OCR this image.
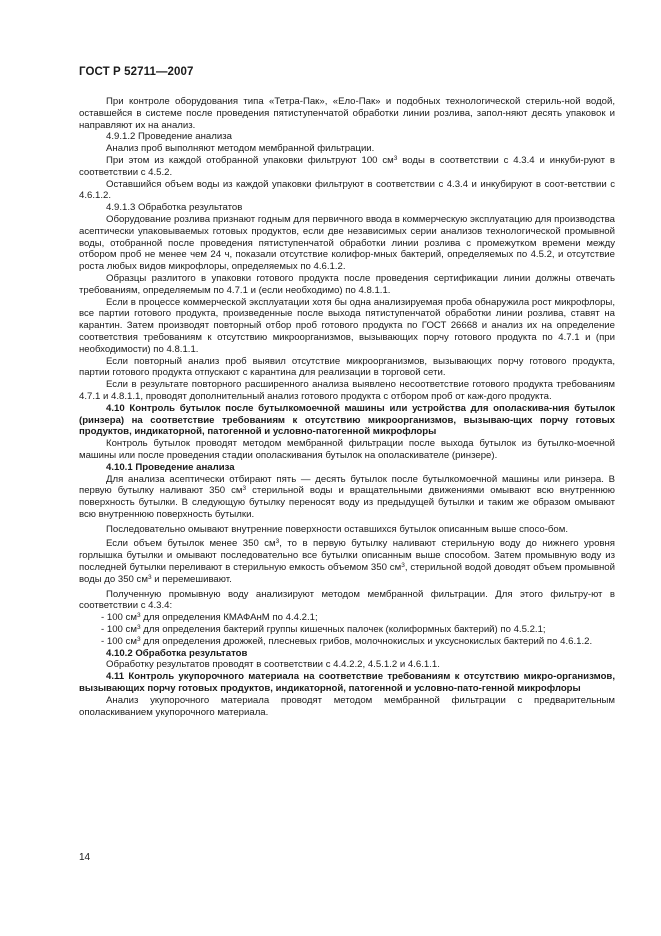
ГОСТ Р 52711—2007

При контроле оборудования типа «Тетра-Пак», «Ело-Пак» и подобных технологической стериль-ной водой, оставшейся в системе после проведения пятиступенчатой обработки линии розлива, запол-няют десять упаковок и направляют их на анализ.

4.9.1.2 Проведение анализа

Анализ проб выполняют методом мембранной фильтрации.

При этом из каждой отобранной упаковки фильтруют 100 $см^3$ воды в соответствии с 4.3.4 и инкуби-руют в соответствии с 4.5.2.

Оставшийся объем воды из каждой упаковки фильтруют в соответствии с 4.3.4 и инкубируют в соот-ветствии с 4.6.1.2.

4.9.1.3 Обработка результатов

Оборудование розлива признают годным для первичного ввода в коммерческую эксплуатацию для производства асептически упаковываемых готовых продуктов, если две независимых серии анализов технологической промывной воды, отобранной после проведения пятиступенчатой обработки линии розлива с промежутком времени между отбором проб не менее чем 24 ч, показали отсутствие колифор-мных бактерий, определяемых по 4.5.2, и отсутствие роста любых видов микрофлоры, определяемых по 4.6.1.2.

Образцы разлитого в упаковки готового продукта после проведения сертификации линии должны отвечать требованиям, определяемым по 4.7.1 и (если необходимо) по 4.8.1.1.

Если в процессе коммерческой эксплуатации хотя бы одна анализируемая проба обнаружила рост микрофлоры, все партии готового продукта, произведенные после выхода пятиступенчатой обработки линии розлива, ставят на карантин. Затем производят повторный отбор проб готового продукта по ГОСТ 26668 и анализ их на определение соответствия требованиям к отсутствию микроорганизмов, вызывающих порчу готового продукта по 4.7.1 и (при необходимости) по 4.8.1.1.

Если повторный анализ проб выявил отсутствие микроорганизмов, вызывающих порчу готового продукта, партии готового продукта отпускают с карантина для реализации в торговой сети.

Если в результате повторного расширенного анализа выявлено несоответствие готового продукта требованиям 4.7.1 и 4.8.1.1, проводят дополнительный анализ готового продукта с отбором проб от каж-дого продукта.

4.10 Контроль бутылок после бутылкомоечной машины или устройства для ополаскива-ния бутылок (ринзера) на соответствие требованиям к отсутствию микроорганизмов, вызываю-щих порчу готовых продуктов, индикаторной, патогенной и условно-патогенной микрофлоры

Контроль бутылок проводят методом мембранной фильтрации после выхода бутылок из бутылко-моечной машины или после проведения стадии ополаскивания бутылок на ополаскивателе (ринзере).

4.10.1 Проведение анализа

Для анализа асептически отбирают пять — десять бутылок после бутылкомоечной машины или ринзера. В первую бутылку наливают 350 $см^3$ стерильной воды и вращательными движениями омывают всю внутреннюю поверхность бутылки. В следующую бутылку переносят воду из предыдущей бутылки и таким же образом омывают всю внутреннюю поверхность бутылки.

Последовательно омывают внутренние поверхности оставшихся бутылок описанным выше спосо-бом.

Если объем бутылок менее 350 $см^3$, то в первую бутылку наливают стерильную воду до нижнего уровня горлышка бутылки и омывают последовательно все бутылки описанным выше способом. Затем промывную воду из последней бутылки переливают в стерильную емкость объемом 350 $см^3$, стерильной водой доводят объем промывной воды до 350 $см^3$ и перемешивают.

Полученную промывную воду анализируют методом мембранной фильтрации. Для этого фильтру-ют в соответствии с 4.3.4:

- 100 $см^3$ для определения КМАФАнМ по 4.4.2.1;

- 100 $см^3$ для определения бактерий группы кишечных палочек (колиформных бактерий) по 4.5.2.1;

- 100 $см^3$ для определения дрожжей, плесневых грибов, молочнокислых и уксуснокислых бактерий по 4.6.1.2.

4.10.2 Обработка результатов

Обработку результатов проводят в соответствии с 4.4.2.2, 4.5.1.2 и 4.6.1.1.

4.11 Контроль укупорочного материала на соответствие требованиям к отсутствию микро-организмов, вызывающих порчу готовых продуктов, индикаторной, патогенной и условно-пато-генной микрофлоры

Анализ укупорочного материала проводят методом мембранной фильтрации с предварительным ополаскиванием укупорочного материала.

14
